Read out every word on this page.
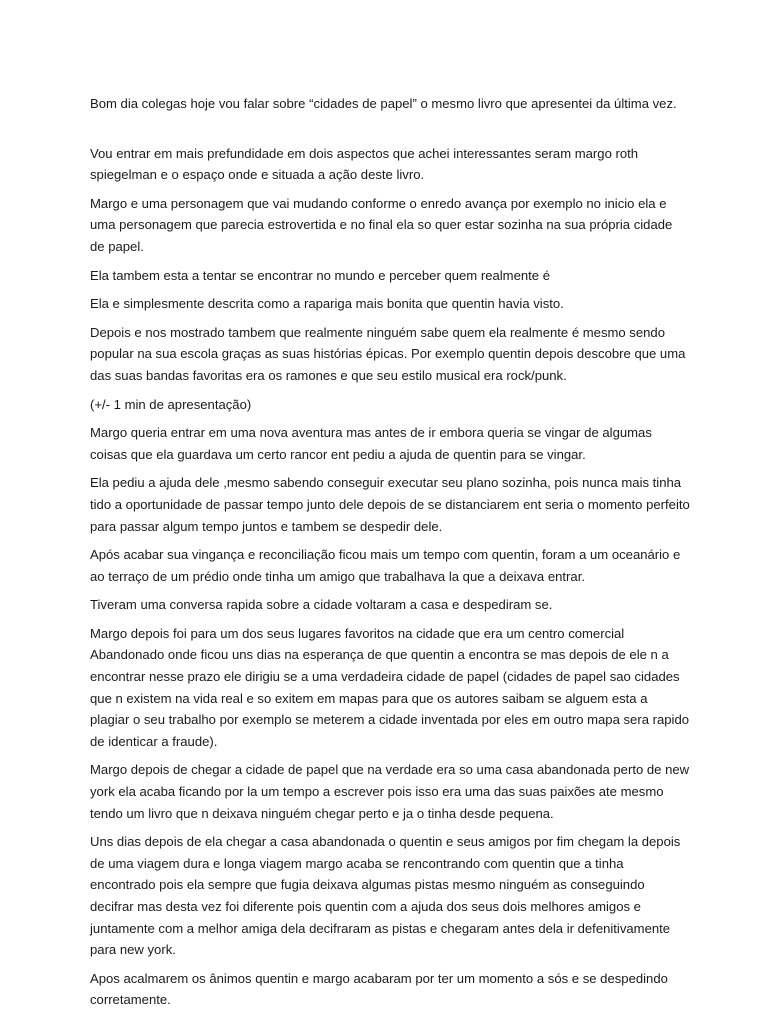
Bom dia colegas hoje vou falar sobre “cidades de papel” o mesmo livro que apresentei da última vez.

Vou entrar em mais prefundidade em dois aspectos que achei interessantes seram margo roth spiegelman e o espaço onde e situada a ação deste livro.

Margo e uma personagem que vai mudando conforme o enredo avança por exemplo no inicio ela e uma personagem que parecia estrovertida e no final ela so quer estar sozinha na sua própria cidade de papel.

Ela tambem esta a tentar se encontrar no mundo e perceber quem realmente é

Ela e simplesmente descrita como a rapariga mais bonita que quentin havia visto.

Depois e nos mostrado tambem que realmente ninguém sabe quem ela realmente é mesmo sendo popular na sua escola graças as suas histórias épicas. Por exemplo quentin depois descobre que uma das suas bandas favoritas era os ramones e que seu estilo musical era rock/punk.

(+/- 1 min de apresentação)

Margo queria entrar em uma nova aventura mas antes de ir embora queria se vingar de algumas coisas que ela guardava um certo rancor ent pediu a ajuda de quentin para se vingar.

Ela pediu a ajuda dele ,mesmo sabendo conseguir executar seu plano sozinha, pois nunca mais tinha tido a oportunidade de passar tempo junto dele depois de se distanciarem ent seria o momento perfeito para passar algum tempo juntos e tambem se despedir dele.

Após acabar sua vingança e reconciliação ficou mais um tempo com quentin, foram a um oceanário e ao terraço de um prédio onde tinha um amigo que trabalhava la que a deixava entrar.

Tiveram uma conversa rapida sobre a cidade voltaram a casa e despediram se.

Margo depois foi para um dos seus lugares favoritos na cidade que era um centro comercial Abandonado onde ficou uns dias na esperança de que quentin a encontra se mas depois de ele n a encontrar nesse prazo ele dirigiu se a uma verdadeira cidade de papel (cidades de papel sao cidades que n existem na vida real e so exitem em mapas para que os autores saibam se alguem esta a plagiar o seu trabalho por exemplo se meterem a cidade inventada por eles em outro mapa sera rapido de identicar a fraude).

Margo depois de chegar a cidade de papel que na verdade era so uma casa abandonada perto de new york ela acaba ficando por la um tempo a escrever pois isso era uma das suas paixões ate mesmo tendo um livro que n deixava ninguém chegar perto e ja o tinha desde pequena.

Uns dias depois de ela chegar a casa abandonada o quentin e seus amigos por fim chegam la depois de uma viagem dura e longa viagem margo acaba se rencontrando com quentin que a tinha encontrado pois ela sempre que fugia deixava algumas pistas mesmo ninguém as conseguindo decifrar mas desta vez foi diferente pois quentin com a ajuda dos seus dois melhores amigos e juntamente com a melhor amiga dela decifraram as pistas e chegaram antes dela ir defenitivamente para new york.

Apos acalmarem os ânimos quentin e margo acabaram por ter um momento a sós e se despedindo corretamente.
